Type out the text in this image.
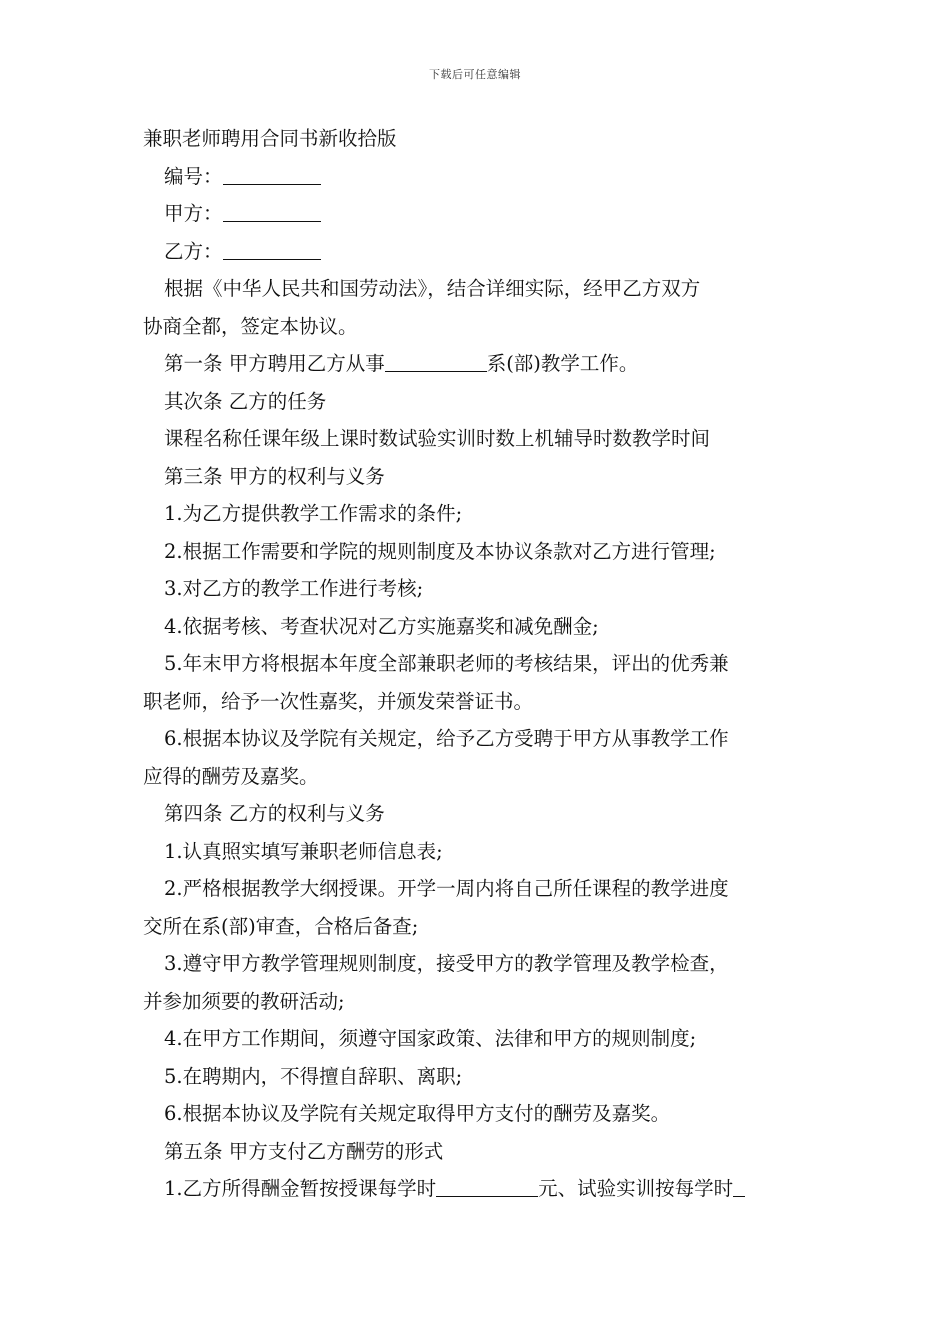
下载后可任意编辑
兼职老师聘用合同书新收拾版
编号：
甲方：
乙方：
根据《中华人民共和国劳动法》，结合详细实际，经甲乙方双方
协商全都，签定本协议。
第一条 甲方聘用乙方从事	系(部)教学工作。
其次条 乙方的任务
课程名称任课年级上课时数试验实训时数上机辅导时数教学时间
第三条 甲方的权利与义务
1.为乙方提供教学工作需求的条件;
2.根据工作需要和学院的规则制度及本协议条款对乙方进行管理;
3.对乙方的教学工作进行考核;
4.依据考核、考查状况对乙方实施嘉奖和减免酬金;
5.年末甲方将根据本年度全部兼职老师的考核结果，评出的优秀兼
职老师，给予一次性嘉奖，并颁发荣誉证书。
6.根据本协议及学院有关规定，给予乙方受聘于甲方从事教学工作
应得的酬劳及嘉奖。
第四条 乙方的权利与义务
1.认真照实填写兼职老师信息表;
2.严格根据教学大纲授课。开学一周内将自己所任课程的教学进度
交所在系(部)审查，合格后备查;
3.遵守甲方教学管理规则制度，接受甲方的教学管理及教学检查，
并参加须要的教研活动;
4.在甲方工作期间，须遵守国家政策、法律和甲方的规则制度;
5.在聘期内，不得擅自辞职、离职;
6.根据本协议及学院有关规定取得甲方支付的酬劳及嘉奖。
第五条 甲方支付乙方酬劳的形式
1.乙方所得酬金暂按授课每学时	元、试验实训按每学时
